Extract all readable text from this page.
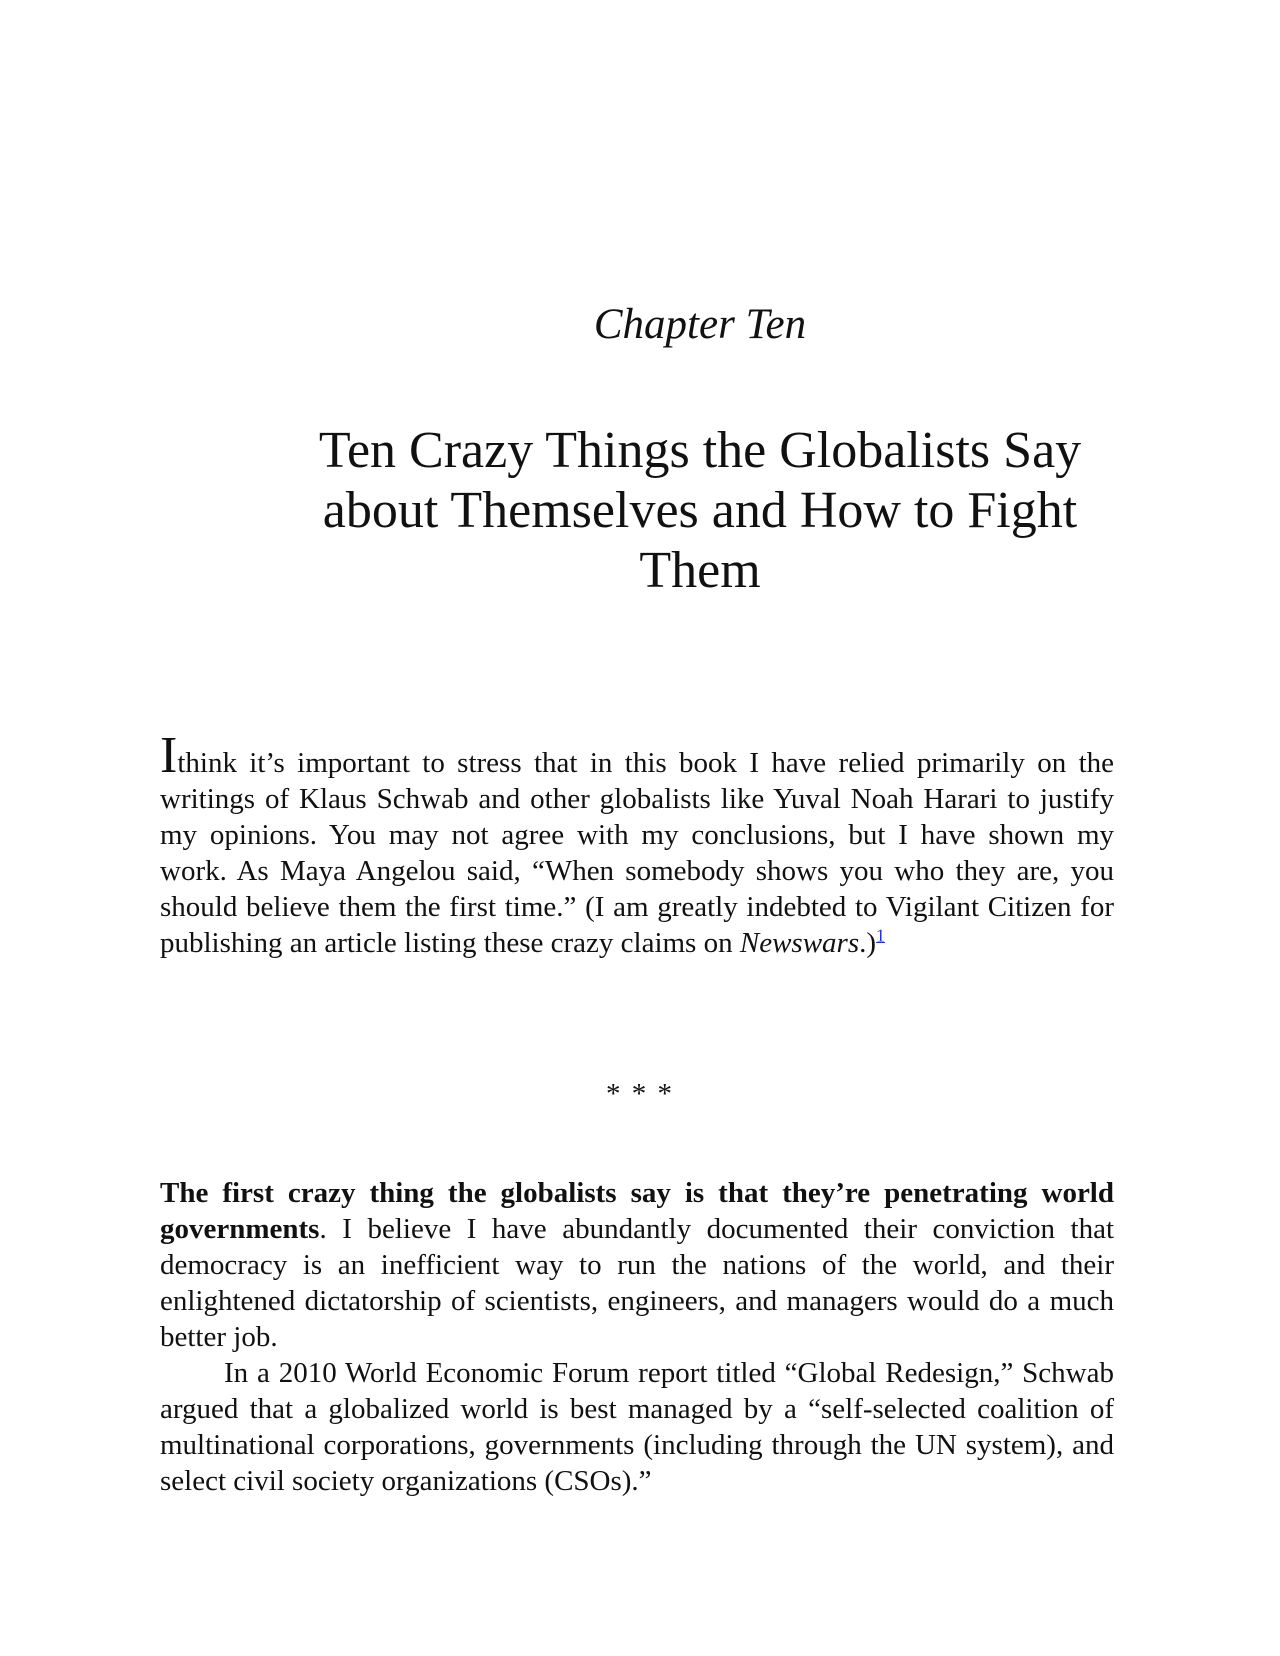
Chapter Ten
Ten Crazy Things the Globalists Say
about Themselves and How to Fight
Them

Ithink it’s important to stress that in this book I have relied primarily on the writings of Klaus Schwab and other globalists like Yuval Noah Harari to justify my opinions. You may not agree with my conclusions, but I have shown my work. As Maya Angelou said, “When somebody shows you who they are, you should believe them the first time.” (I am greatly indebted to Vigilant Citizen for publishing an article listing these crazy claims on Newswars.)$^1$

* * *

The first crazy thing the globalists say is that they’re penetrating world governments. I believe I have abundantly documented their conviction that democracy is an inefficient way to run the nations of the world, and their enlightened dictatorship of scientists, engineers, and managers would do a much better job.

In a 2010 World Economic Forum report titled “Global Redesign,” Schwab argued that a globalized world is best managed by a “self-selected coalition of multinational corporations, governments (including through the UN system), and select civil society organizations (CSOs).”
